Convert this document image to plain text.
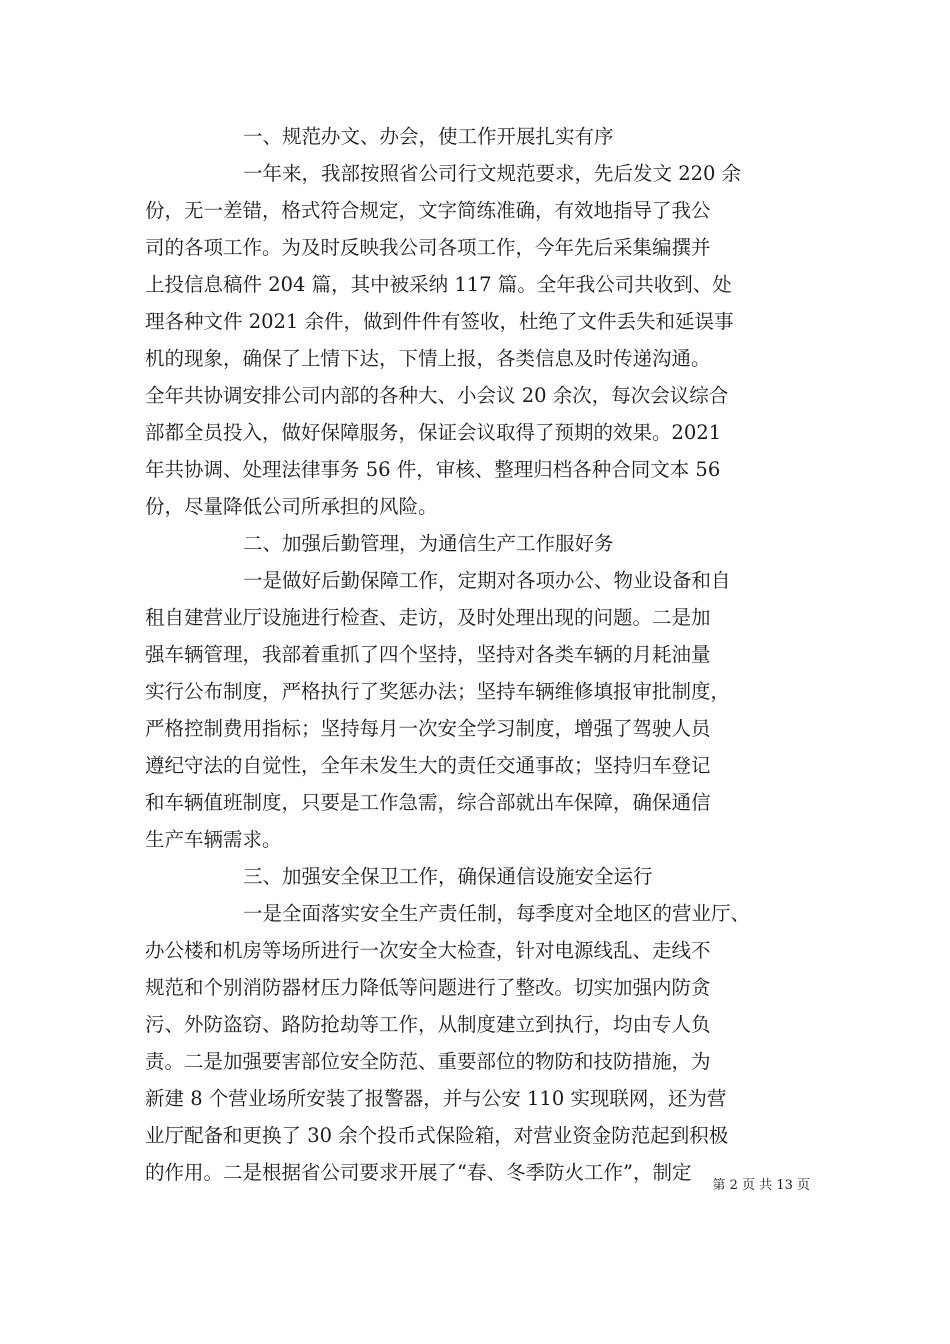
一、规范办文、办会，使工作开展扎实有序
一年来，我部按照省公司行文规范要求，先后发文 220 余
份，无一差错，格式符合规定，文字简练准确，有效地指导了我公
司的各项工作。为及时反映我公司各项工作，今年先后采集编撰并
上投信息稿件 204 篇，其中被采纳 117 篇。全年我公司共收到、处
理各种文件 2021 余件，做到件件有签收，杜绝了文件丢失和延误事
机的现象，确保了上情下达，下情上报，各类信息及时传递沟通。
全年共协调安排公司内部的各种大、小会议 20 余次，每次会议综合
部都全员投入，做好保障服务，保证会议取得了预期的效果。2021
年共协调、处理法律事务 56 件，审核、整理归档各种合同文本 56
份，尽量降低公司所承担的风险。
二、加强后勤管理，为通信生产工作服好务
一是做好后勤保障工作，定期对各项办公、物业设备和自
租自建营业厅设施进行检查、走访，及时处理出现的问题。二是加
强车辆管理，我部着重抓了四个坚持，坚持对各类车辆的月耗油量
实行公布制度，严格执行了奖惩办法；坚持车辆维修填报审批制度，
严格控制费用指标；坚持每月一次安全学习制度，增强了驾驶人员
遵纪守法的自觉性，全年未发生大的责任交通事故；坚持归车登记
和车辆值班制度，只要是工作急需，综合部就出车保障，确保通信
生产车辆需求。
三、加强安全保卫工作，确保通信设施安全运行
一是全面落实安全生产责任制，每季度对全地区的营业厅、
办公楼和机房等场所进行一次安全大检查，针对电源线乱、走线不
规范和个别消防器材压力降低等问题进行了整改。切实加强内防贪
污、外防盗窃、路防抢劫等工作，从制度建立到执行，均由专人负
责。二是加强要害部位安全防范、重要部位的物防和技防措施，为
新建 8 个营业场所安装了报警器，并与公安 110 实现联网，还为营
业厅配备和更换了 30 余个投币式保险箱，对营业资金防范起到积极
的作用。二是根据省公司要求开展了“春、冬季防火工作”，制定
第 2 页 共 13 页
